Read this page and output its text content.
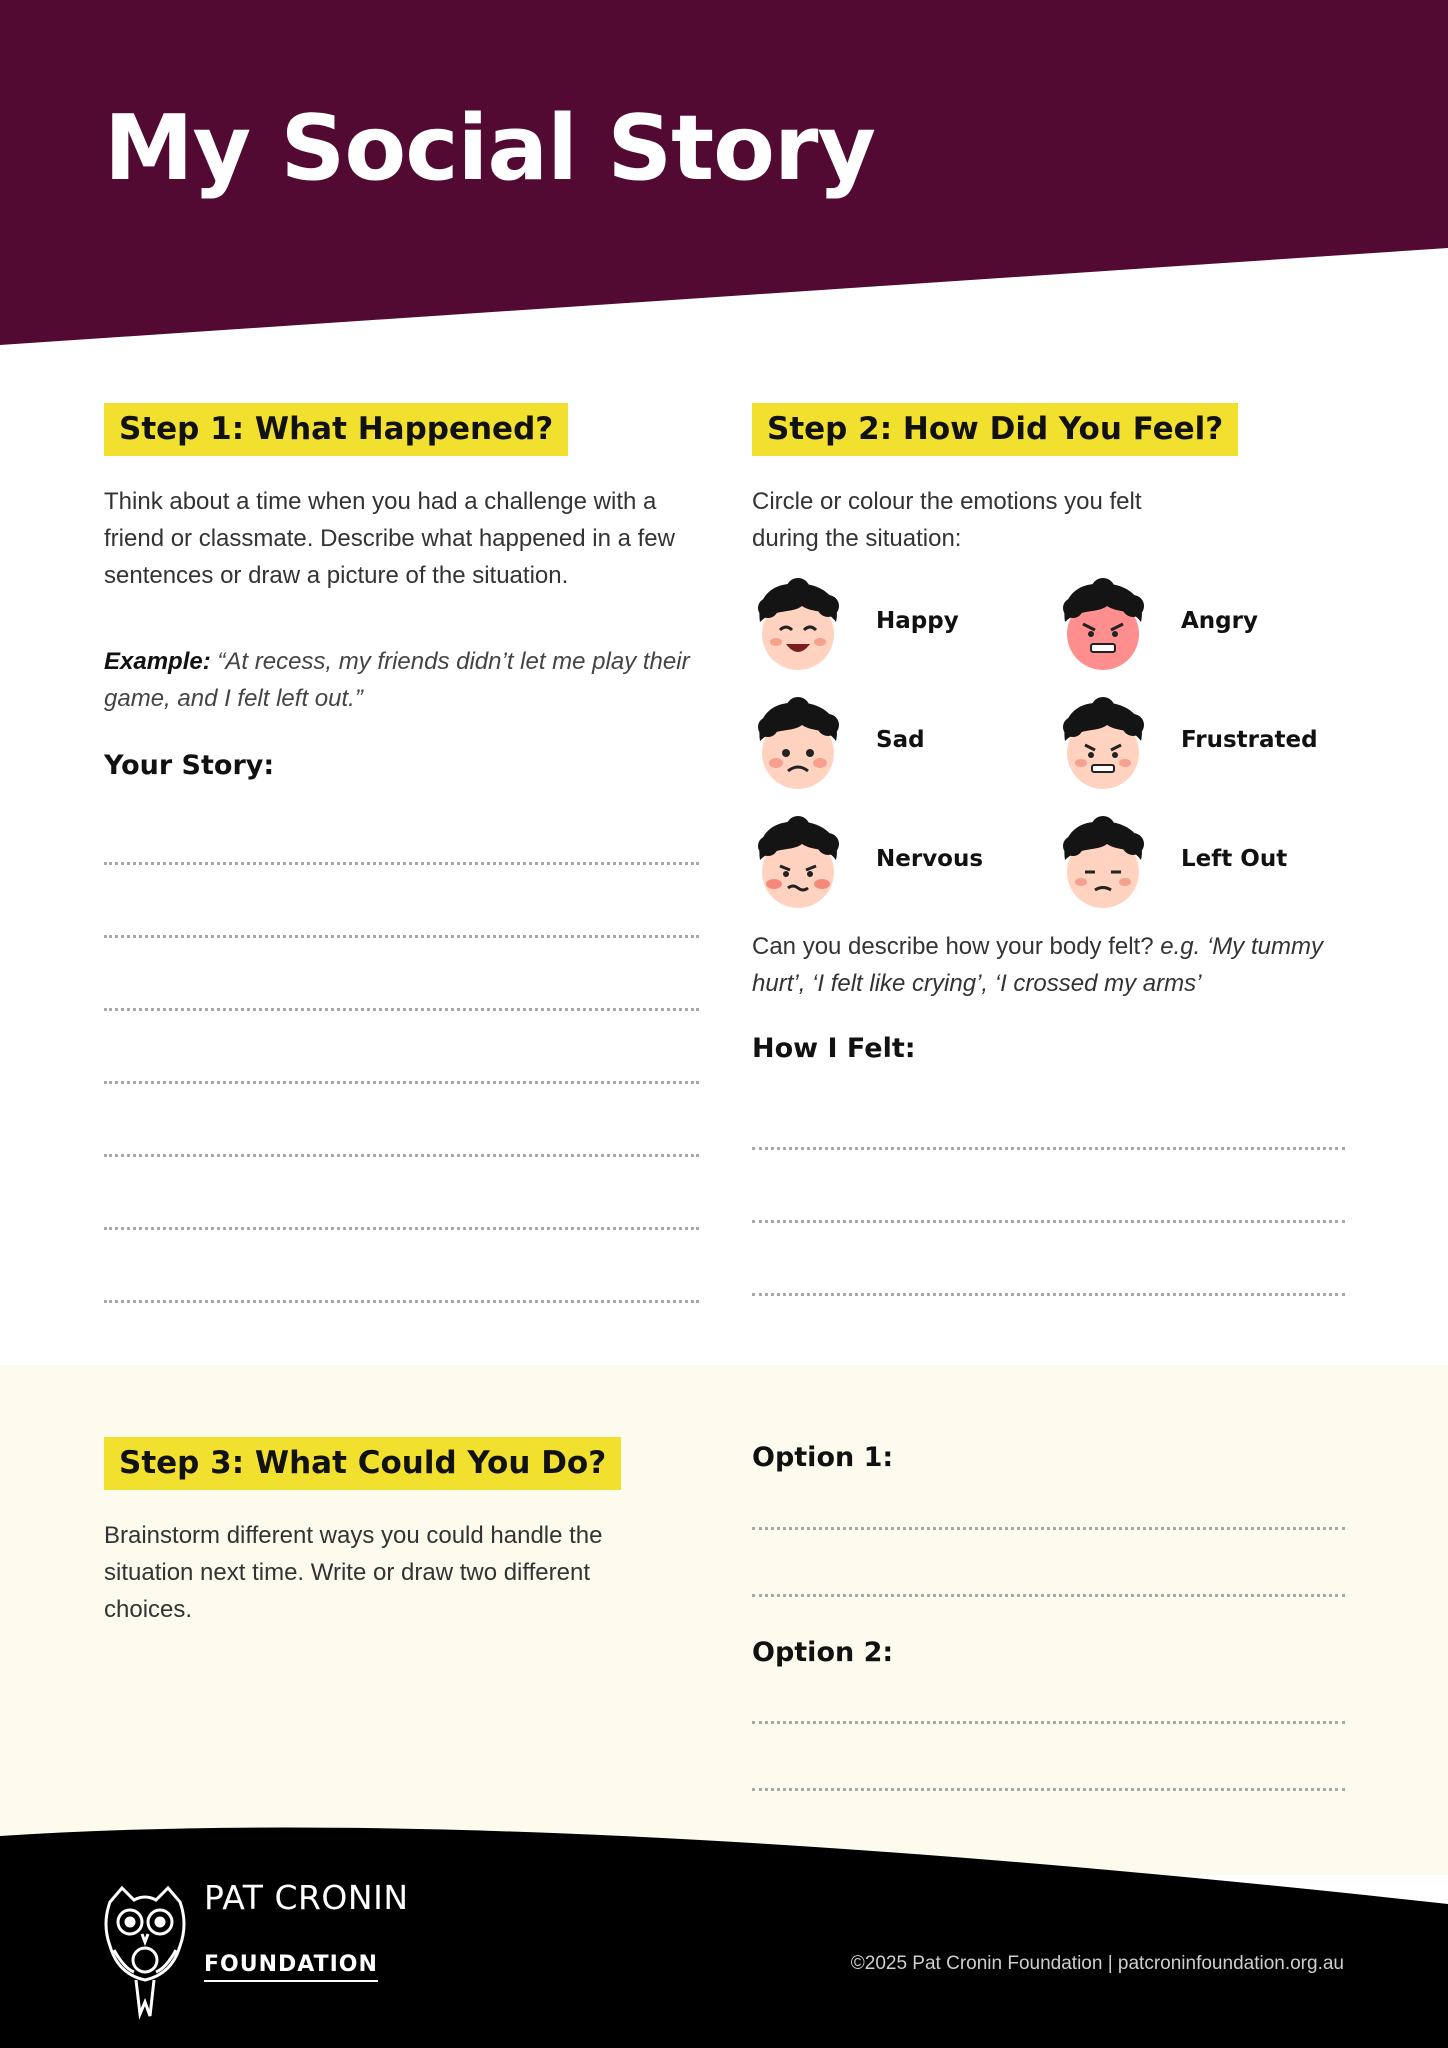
My Social Story
Step 1: What Happened?

Think about a time when you had a challenge with a friend or classmate. Describe what happened in a few sentences or draw a picture of the situation.

Example: “At recess, my friends didn’t let me play their game, and I felt left out.”

Your Story:
Step 2: How Did You Feel?

Circle or colour the emotions you felt during the situation:

Happy	Angry
Sad	Frustrated
Nervous	Left Out

Can you describe how your body felt? e.g. ‘My tummy hurt’, ‘I felt like crying’, ‘I crossed my arms’

How I Felt:
Step 3: What Could You Do?

Brainstorm different ways you could handle the situation next time. Write or draw two different choices.

Option 1:
Option 2:
PAT CRONIN
FOUNDATION	©2025 Pat Cronin Foundation | patcroninfoundation.org.au
